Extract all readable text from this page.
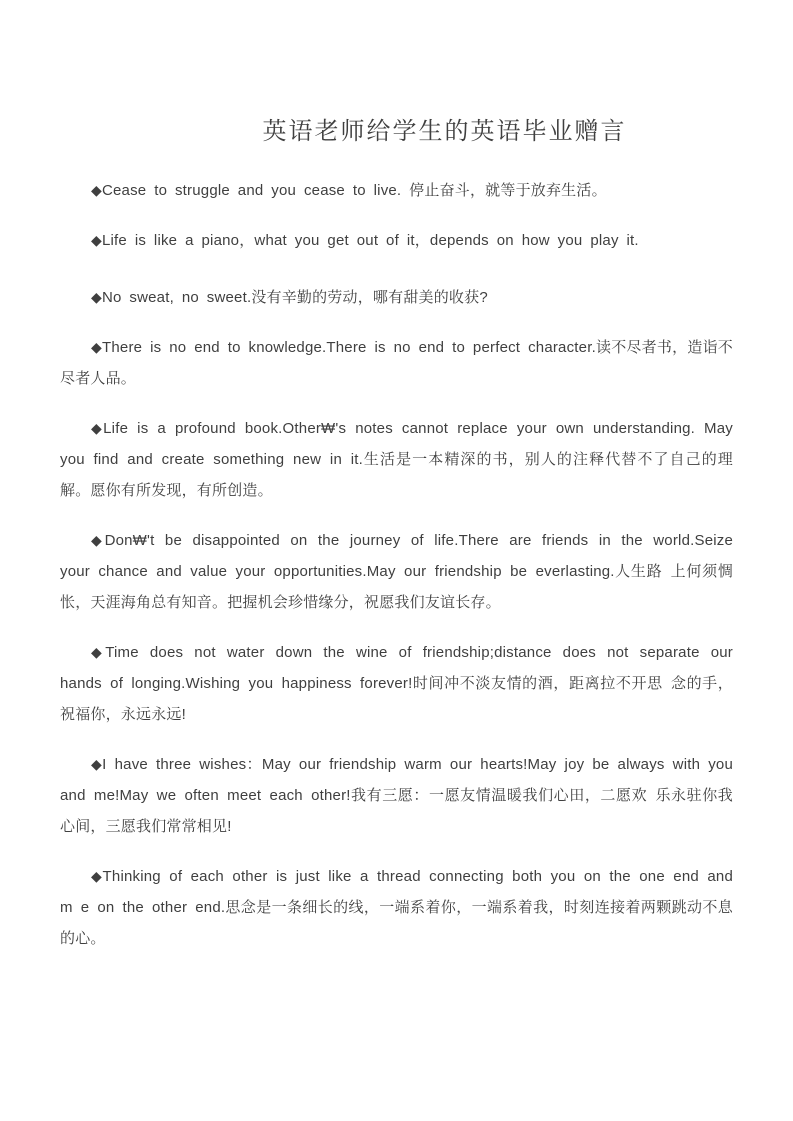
英语老师给学生的英语毕业赠言

◆Cease to struggle and you cease to live. 停止奋斗，就等于放弃生活。

◆Life is like a piano，what you get out of it，depends on how you play it.

◆No sweat, no sweet.没有辛勤的劳动，哪有甜美的收获?

◆There is no end to knowledge.There is no end to perfect character.读不尽者书，造诣不尽者人品。

◆Life is a profound book.Other₩'s notes cannot replace your own understanding. May you find and create something new in it.生活是一本精深的书，别人的注释代替不了自己的理解。愿你有所发现，有所创造。

◆Don₩'t be disappointed on the journey of life.There are friends in the world.Seize your chance and value your opportunities.May our friendship be everlasting.人生路 上何须惆怅，天涯海角总有知音。把握机会珍惜缘分，祝愿我们友谊长存。

◆Time does not water down the wine of friendship;distance does not separate our hands of longing.Wishing you happiness forever!时间冲不淡友情的酒，距离拉不开思 念的手，祝福你，永远永远!

◆I have three wishes：May our friendship warm our hearts!May joy be always with you and me!May we often meet each other!我有三愿：一愿友情温暖我们心田，二愿欢 乐永驻你我心间，三愿我们常常相见!

◆Thinking of each other is just like a thread connecting both you on the one end and m e on the other end.思念是一条细长的线，一端系着你，一端系着我，时刻连接着两颗跳动不息的心。
